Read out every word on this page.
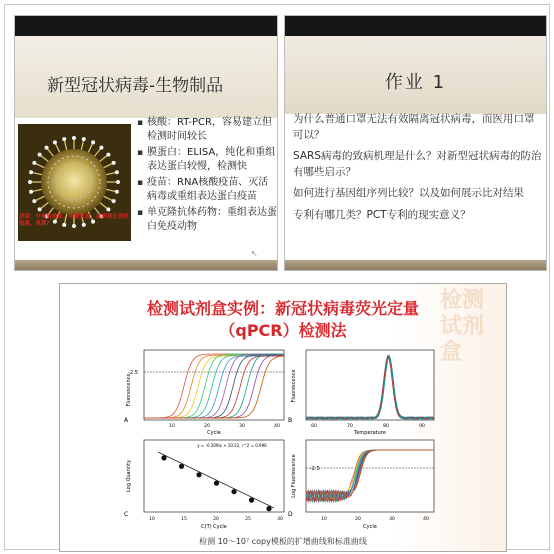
新型冠状病毒-生物制品
质疑：分离致病原，明确来源，抗病毒还是抗细菌，真菌？
▪ 核酸：RT-PCR，容易建立但检测时间较长
▪ 膜蛋白：ELISA，纯化和重组表达蛋白较慢，检测快
▪ 疫苗：RNA核酸疫苗、灭活病毒或重组表达蛋白疫苗
▪ 单克隆抗体药物：重组表达蛋白免疫动物
↖
作业 1
为什么普通口罩无法有效隔离冠状病毒，而医用口罩可以？
SARS病毒的致病机理是什么？对新型冠状病毒的防治有哪些启示？
如何进行基因组序列比较？以及如何展示比对结果
专利有哪几类？PCT专利的现实意义？
检测
试剂
盒
检测试剂盒实例：新冠状病毒荧光定量
（qPCR）检测法
Fluorescence
Cycle
-2.5
A
10	20	30	40
Fluorescence
Temperature
B
60	70	80	90
Log Quantity
C(T) Cycle
y = -0.309lx + 10.22, r^2 = 0.996
C
10	15	20	25	30
Log Fluorescence
Cycle
-2.5
D
10	20	30	40
检测 10～10⁷ copy模板的扩增曲线和标准曲线
